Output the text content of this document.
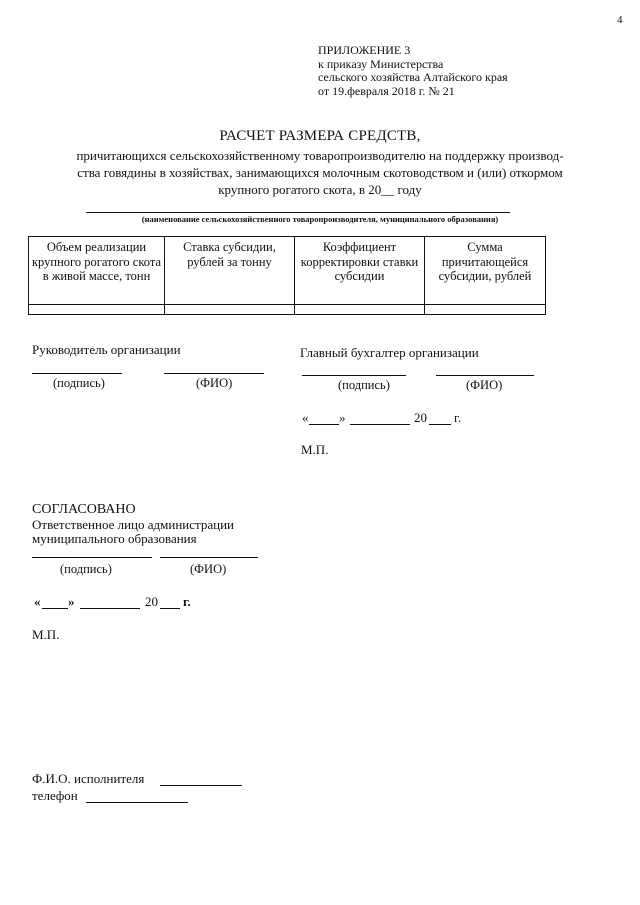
4
ПРИЛОЖЕНИЕ 3
к приказу Министерства
сельского хозяйства Алтайского края
от 19.февраля 2018 г. № 21
РАСЧЕТ РАЗМЕРА СРЕДСТВ,
причитающихся сельскохозяйственному товаропроизводителю на поддержку производ-
ства говядины в хозяйствах, занимающихся молочным скотоводством и (или) откормом
крупного рогатого скота, в 20__ году
(наименование сельскохозяйственного товаропроизводителя, муниципального образования)
Объем реализации крупного рогатого скота в живой массе, тонн	Ставка субсидии, рублей за тонну	Коэффициент корректировки ставки субсидии	Сумма причитающейся субсидии, рублей

Руководитель организации
(подпись)	(ФИО)
Главный бухгалтер организации
(подпись)	(ФИО)
« »	20 г.
М.П.
СОГЛАСОВАНО
Ответственное лицо администрации
муниципального образования
(подпись)	(ФИО)
« »	20 г.
М.П.
Ф.И.О. исполнителя
телефон
